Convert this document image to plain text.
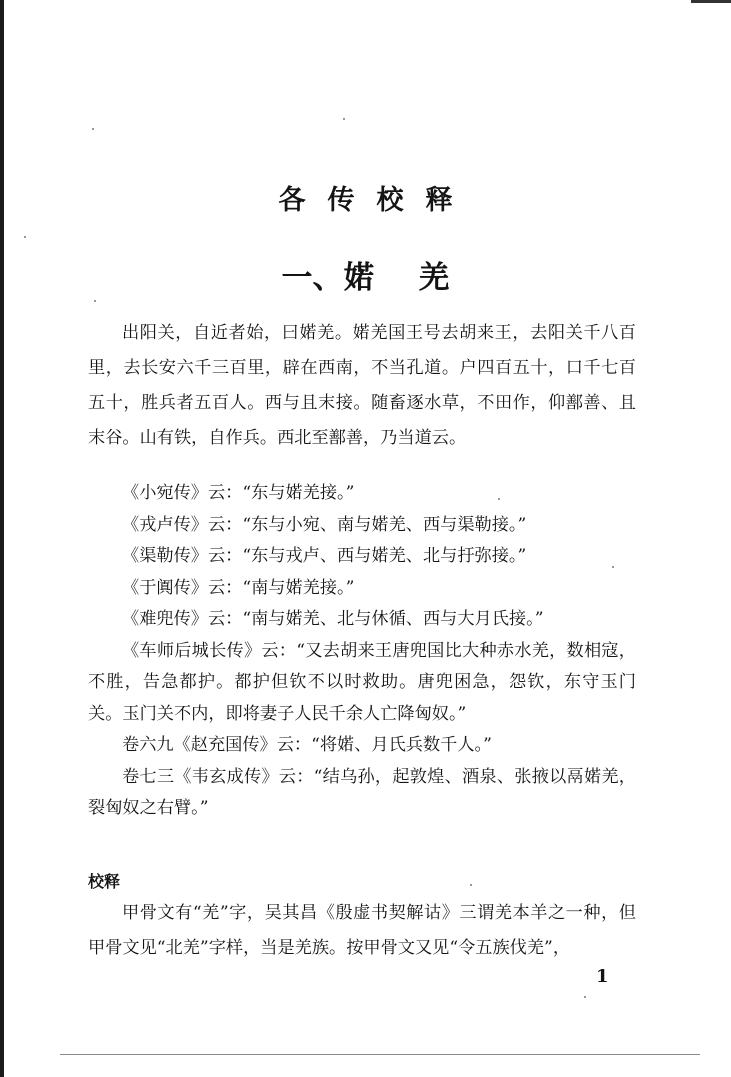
各传校释
一、婼 羌

出阳关，自近者始，曰婼羌。婼羌国王号去胡来王，去阳关千八百里，去长安六千三百里，辟在西南，不当孔道。户四百五十，口千七百五十，胜兵者五百人。西与且末接。随畜逐水草，不田作，仰鄯善、且末谷。山有铁，自作兵。西北至鄯善，乃当道云。

《小宛传》云：“东与婼羌接。”

《戎卢传》云：“东与小宛、南与婼羌、西与渠勒接。”

《渠勒传》云：“东与戎卢、西与婼羌、北与扜弥接。”

《于阗传》云：“南与婼羌接。”

《难兜传》云：“南与婼羌、北与休循、西与大月氏接。”

《车师后城长传》云：“又去胡来王唐兜国比大种赤水羌，数相寇，不胜，告急都护。都护但钦不以时救助。唐兜困急，怨钦，东守玉门关。玉门关不内，即将妻子人民千余人亡降匈奴。”

卷六九《赵充国传》云：“将婼、月氏兵数千人。”

卷七三《韦玄成传》云：“结乌孙，起敦煌、酒泉、张掖以鬲婼羌，裂匈奴之右臂。”

校释

甲骨文有“羌”字，吴其昌《殷虚书契解诂》三谓羌本羊之一种，但甲骨文见“北羌”字样，当是羌族。按甲骨文又见“令五族伐羌”，

1
